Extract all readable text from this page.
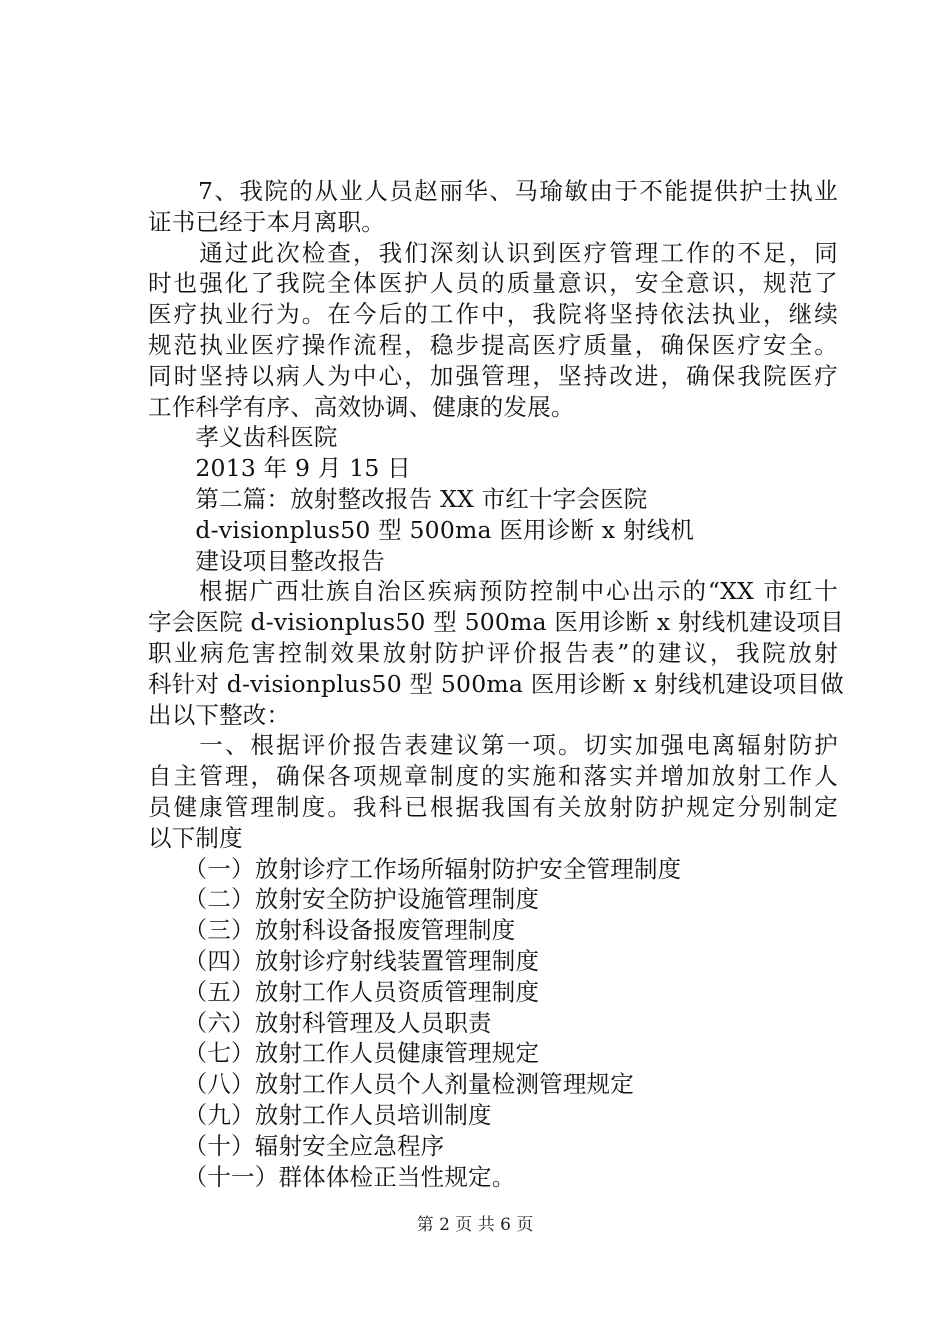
　　7、我院的从业人员赵丽华、马瑜敏由于不能提供护士执业
证书已经于本月离职。
　　通过此次检查，我们深刻认识到医疗管理工作的不足，同
时也强化了我院全体医护人员的质量意识，安全意识，规范了
医疗执业行为。在今后的工作中，我院将坚持依法执业，继续
规范执业医疗操作流程，稳步提高医疗质量，确保医疗安全。
同时坚持以病人为中心，加强管理，坚持改进，确保我院医疗
工作科学有序、高效协调、健康的发展。
　　孝义齿科医院
　　2013 年 9 月 15 日
　　第二篇：放射整改报告 XX 市红十字会医院
　　d-visionplus50 型 500ma 医用诊断 x 射线机
　　建设项目整改报告
　　根据广西壮族自治区疾病预防控制中心出示的“XX 市红十
字会医院 d-visionplus50 型 500ma 医用诊断 x 射线机建设项目
职业病危害控制效果放射防护评价报告表”的建议，我院放射
科针对 d-visionplus50 型 500ma 医用诊断 x 射线机建设项目做
出以下整改：
　　一、根据评价报告表建议第一项。切实加强电离辐射防护
自主管理，确保各项规章制度的实施和落实并增加放射工作人
员健康管理制度。我科已根据我国有关放射防护规定分别制定
以下制度
　　（一）放射诊疗工作场所辐射防护安全管理制度
　　（二）放射安全防护设施管理制度
　　（三）放射科设备报废管理制度
　　（四）放射诊疗射线装置管理制度
　　（五）放射工作人员资质管理制度
　　（六）放射科管理及人员职责
　　（七）放射工作人员健康管理规定
　　（八）放射工作人员个人剂量检测管理规定
　　（九）放射工作人员培训制度
　　（十）辐射安全应急程序
　　（十一）群体体检正当性规定。
第 2 页 共 6 页
